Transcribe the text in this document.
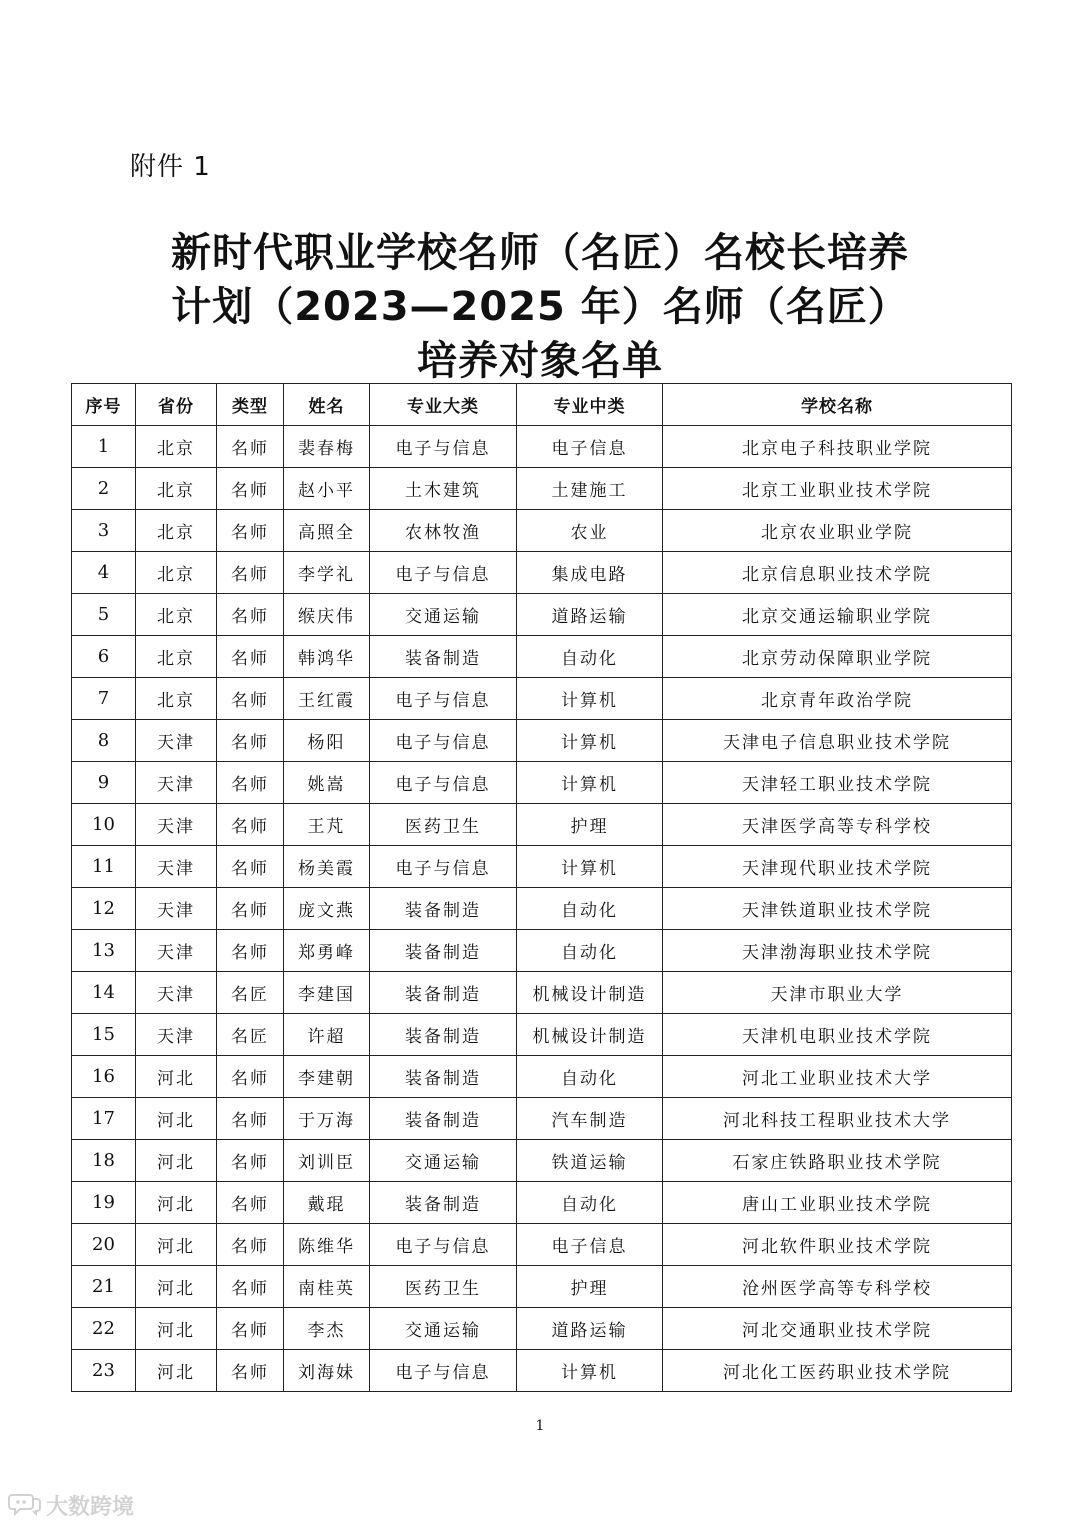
附件 1
新时代职业学校名师（名匠）名校长培养
计划（2023—2025 年）名师（名匠）
培养对象名单
序号	省份	类型	姓名	专业大类	专业中类	学校名称
1	北京	名师	裴春梅	电子与信息	电子信息	北京电子科技职业学院
2	北京	名师	赵小平	土木建筑	土建施工	北京工业职业技术学院
3	北京	名师	高照全	农林牧渔	农业	北京农业职业学院
4	北京	名师	李学礼	电子与信息	集成电路	北京信息职业技术学院
5	北京	名师	缑庆伟	交通运输	道路运输	北京交通运输职业学院
6	北京	名师	韩鸿华	装备制造	自动化	北京劳动保障职业学院
7	北京	名师	王红霞	电子与信息	计算机	北京青年政治学院
8	天津	名师	杨阳	电子与信息	计算机	天津电子信息职业技术学院
9	天津	名师	姚嵩	电子与信息	计算机	天津轻工职业技术学院
10	天津	名师	王芃	医药卫生	护理	天津医学高等专科学校
11	天津	名师	杨美霞	电子与信息	计算机	天津现代职业技术学院
12	天津	名师	庞文燕	装备制造	自动化	天津铁道职业技术学院
13	天津	名师	郑勇峰	装备制造	自动化	天津渤海职业技术学院
14	天津	名匠	李建国	装备制造	机械设计制造	天津市职业大学
15	天津	名匠	许超	装备制造	机械设计制造	天津机电职业技术学院
16	河北	名师	李建朝	装备制造	自动化	河北工业职业技术大学
17	河北	名师	于万海	装备制造	汽车制造	河北科技工程职业技术大学
18	河北	名师	刘训臣	交通运输	铁道运输	石家庄铁路职业技术学院
19	河北	名师	戴琨	装备制造	自动化	唐山工业职业技术学院
20	河北	名师	陈维华	电子与信息	电子信息	河北软件职业技术学院
21	河北	名师	南桂英	医药卫生	护理	沧州医学高等专科学校
22	河北	名师	李杰	交通运输	道路运输	河北交通职业技术学院
23	河北	名师	刘海妹	电子与信息	计算机	河北化工医药职业技术学院
1
大数跨境
